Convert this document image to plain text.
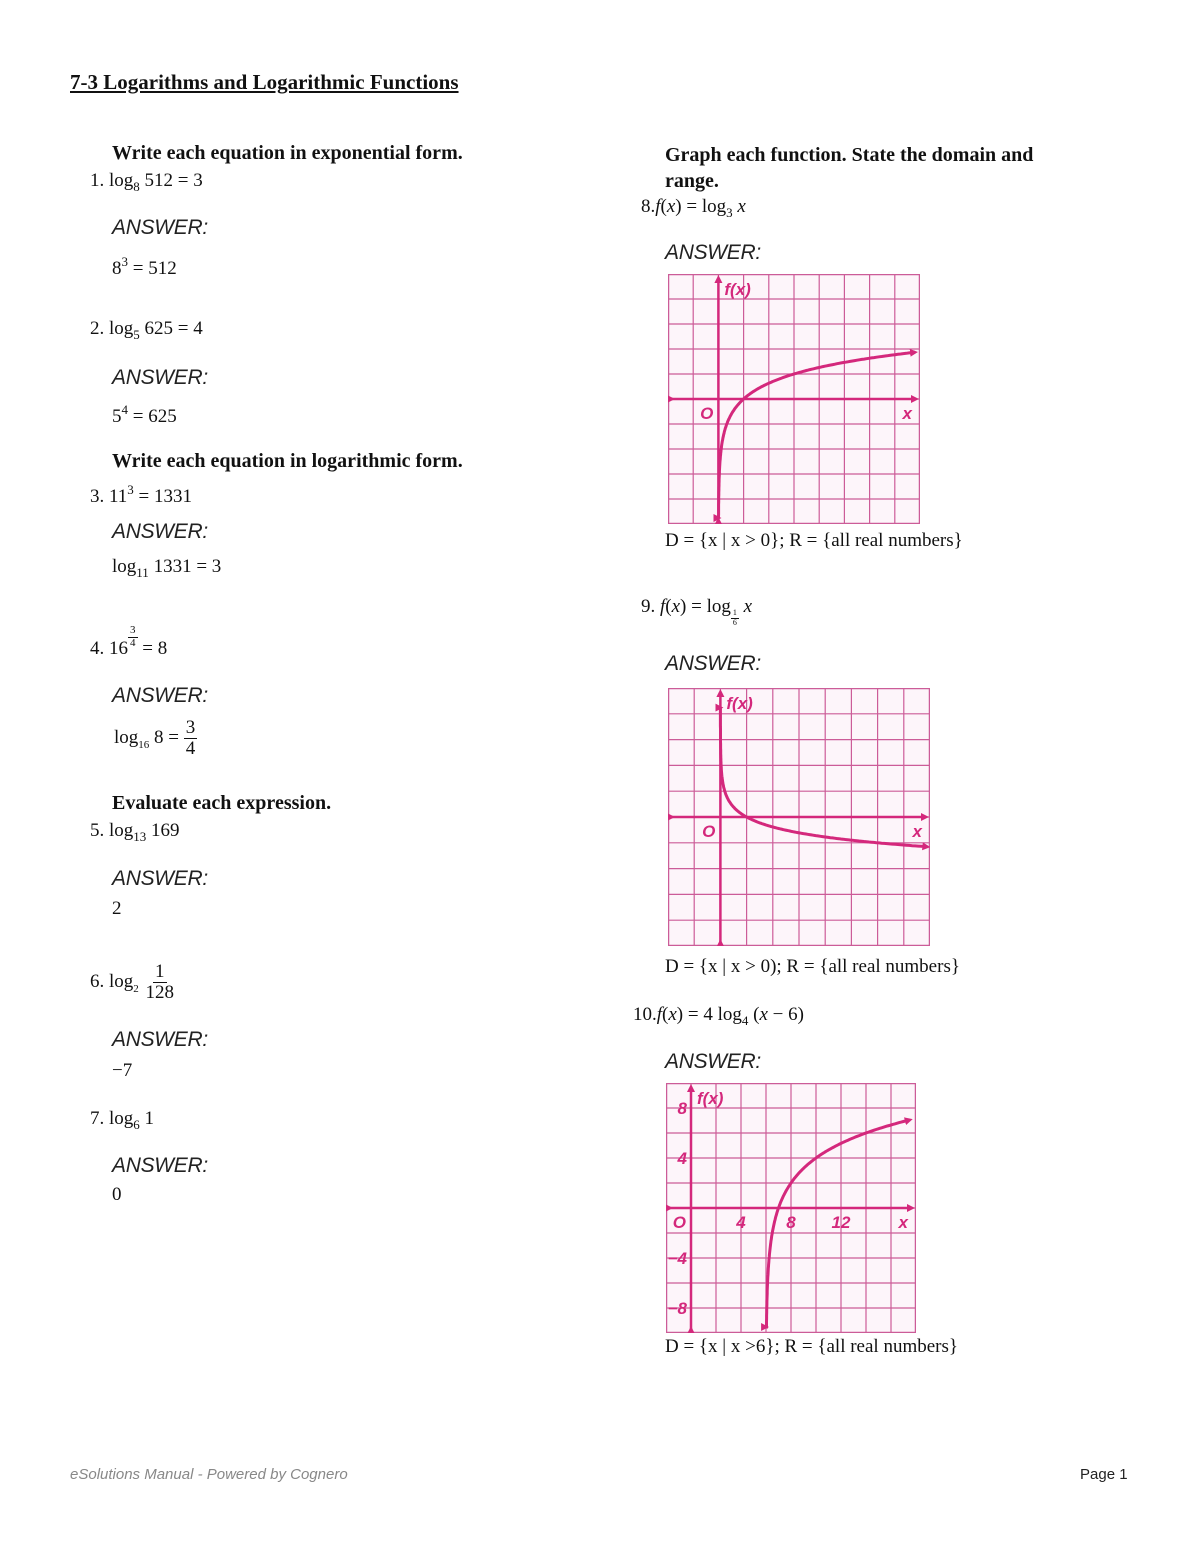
7-3 Logarithms and Logarithmic Functions
Write each equation in exponential form.
1. $\log_8 512 = 3$
ANSWER:
$8^3 = 512$
2. $\log_5 625 = 4$
ANSWER:
$5^4 = 625$
Write each equation in logarithmic form.
3. $11^3 = 1331$
ANSWER:
$\log_{11} 1331 = 3$
4. $16 \frac{3}{4} = 8$
ANSWER:
$\log_{16} 8 = \frac{3}{4}$
Evaluate each expression.
5. $\log_{13} 169$
ANSWER:
2
6. $\log_2 \frac{1}{128}$
ANSWER:
−7
7. $\log_6 1$
ANSWER:
0
Graph each function. State the domain and range.
$8.f(x) = \log_3 x$
ANSWER:
f(x)
x
O
D = {x | x > 0}; R = {all real numbers}
9. f(x) = log
$\frac{1}{6}$
x
ANSWER:
f(x)
x
O
D = {x | x > 0); R = {all real numbers}
10.f(x) = 4 $\log_4 (x - 6)$
ANSWER:
f(x)
x
O
8
4
−4
−8
4 8 12
D = {x | x >6}; R = {all real numbers}
eSolutions Manual - Powered by Cognero	Page 1
